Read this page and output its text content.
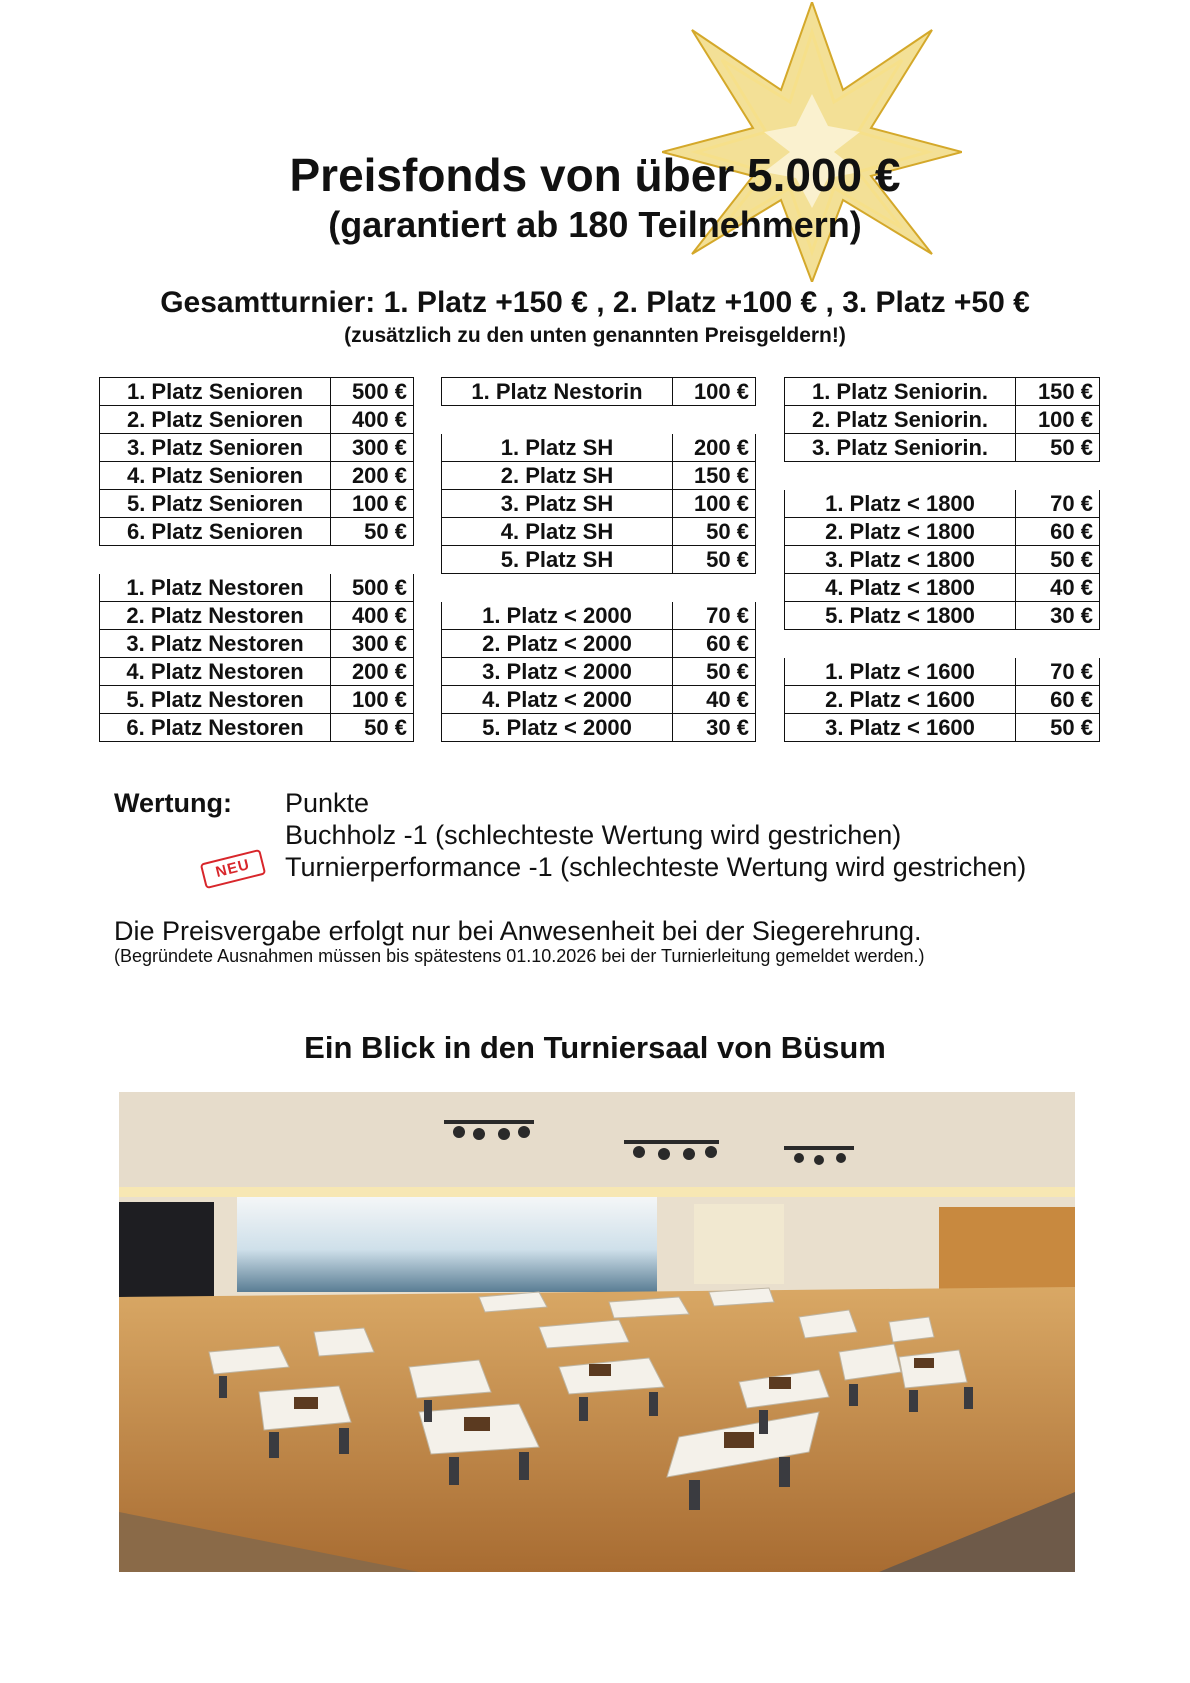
Preisfonds von über 5.000 €
(garantiert ab 180 Teilnehmern)
Gesamtturnier: 1. Platz +150 € , 2. Platz +100 € , 3. Platz +50 €
(zusätzlich zu den unten genannten Preisgeldern!)
1. Platz Senioren	500 €
2. Platz Senioren	400 €
3. Platz Senioren	300 €
4. Platz Senioren	200 €
5. Platz Senioren	100 €
6. Platz Senioren	50 €

1. Platz Nestoren	500 €
2. Platz Nestoren	400 €
3. Platz Nestoren	300 €
4. Platz Nestoren	200 €
5. Platz Nestoren	100 €
6. Platz Nestoren	50 €
1. Platz Nestorin	100 €

1. Platz SH	200 €
2. Platz SH	150 €
3. Platz SH	100 €
4. Platz SH	50 €
5. Platz SH	50 €

1. Platz < 2000	70 €
2. Platz < 2000	60 €
3. Platz < 2000	50 €
4. Platz < 2000	40 €
5. Platz < 2000	30 €
1. Platz Seniorin.	150 €
2. Platz Seniorin.	100 €
3. Platz Seniorin.	50 €

1. Platz < 1800	70 €
2. Platz < 1800	60 €
3. Platz < 1800	50 €
4. Platz < 1800	40 €
5. Platz < 1800	30 €

1. Platz < 1600	70 €
2. Platz < 1600	60 €
3. Platz < 1600	50 €
Wertung: Punkte
Buchholz -1 (schlechteste Wertung wird gestrichen)
Turnierperformance -1 (schlechteste Wertung wird gestrichen)
NEU
Die Preisvergabe erfolgt nur bei Anwesenheit bei der Siegerehrung.
(Begründete Ausnahmen müssen bis spätestens 01.10.2026 bei der Turnierleitung gemeldet werden.)
Ein Blick in den Turniersaal von Büsum
